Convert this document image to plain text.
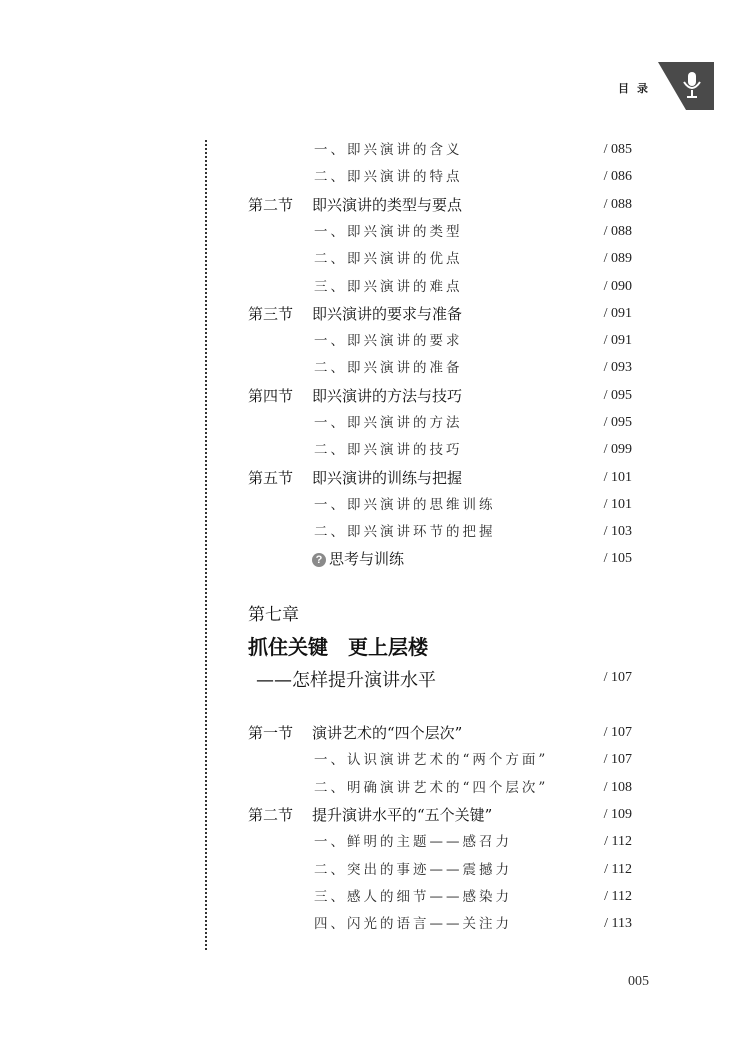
目录
一、即兴演讲的含义	/ 085
二、即兴演讲的特点	/ 086
第二节 即兴演讲的类型与要点	/ 088
一、即兴演讲的类型	/ 088
二、即兴演讲的优点	/ 089
三、即兴演讲的难点	/ 090
第三节 即兴演讲的要求与准备	/ 091
一、即兴演讲的要求	/ 091
二、即兴演讲的准备	/ 093
第四节 即兴演讲的方法与技巧	/ 095
一、即兴演讲的方法	/ 095
二、即兴演讲的技巧	/ 099
第五节 即兴演讲的训练与把握	/ 101
一、即兴演讲的思维训练	/ 101
二、即兴演讲环节的把握	/ 103
? 思考与训练	/ 105
第七章
抓住关键　更上层楼
——怎样提升演讲水平	/ 107
第一节 演讲艺术的“四个层次”	/ 107
一、认识演讲艺术的“两个方面”	/ 107
二、明确演讲艺术的“四个层次”	/ 108
第二节 提升演讲水平的“五个关键”	/ 109
一、鲜明的主题——感召力	/ 112
二、突出的事迹——震撼力	/ 112
三、感人的细节——感染力	/ 112
四、闪光的语言——关注力	/ 113
005
